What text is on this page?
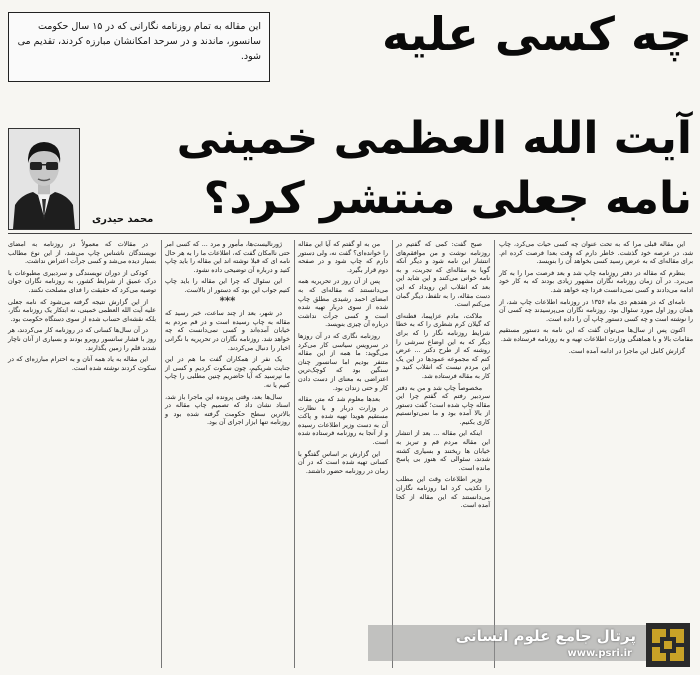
چه کسی علیه
آیت الله العظمی خمینی
نامه جعلی منتشر کرد؟
این مقاله به تمام روزنامه نگارانی که در ۱۵ سال حکومت سانسور، ماندند و در سرحد امکانشان مبارزه کردند، تقدیم می شود.
محمد حیدری

این مقاله قبلی مرا که به تحت عنوان چه کسی حیات می‌کرد، چاپ شد، در عرصه خود گذشت. خاطر دارم که وقت بعدا فرصت کرده ام. برای مقاله‌ای که به عرض رسید کسی بخواهد آن را بنویسد.

بنظرم که مقاله در دفتر روزنامه چاپ شد و بعد فرصت مرا را به کار می‌برد. در آن زمان روزنامه نگاران مشهور زیادی بودند که به کار خود ادامه می‌دادند و کسی نمی‌دانست فردا چه خواهد شد.

نامه‌ای که در هفدهم دی ماه ۱۳۵۶ در روزنامه اطلاعات چاپ شد، از همان روز اول مورد سئوال بود. روزنامه نگاران می‌پرسیدند چه کسی آن را نوشته است و چه کسی دستور چاپ آن را داده است.

اکنون پس از سال‌ها می‌توان گفت که این نامه به دستور مستقیم مقامات بالا و با هماهنگی وزارت اطلاعات تهیه و به روزنامه فرستاده شد.

گزارش کامل این ماجرا در ادامه آمده است.

صبح گفت: کمی که گفتیم در روزنامه نوشت و من موافقم‌های انتشار این نامه شود و دیگر آنکه گویا به مقاله‌ای که تجربت، و به نامه خوانی می‌کنند و این شاید این بعد که انقلاب این رویداد که این دست مقاله، را به تلفظ، دیگر گمان می‌کنم است.

ملاکت، مادم عزاپیما، فطنه‌ای که گیلان کرم شطری را که به خطا شرایط روزنامه نگار را که برای دیگر که به این اوضاع سرشی را روشنه که از طرح دکتر ... عرض کنم که مجموعه عمودها در این یک این مردم نیست که انقلاب کنید و کار به مقاله فرستاده شد.

مخصوصاً چاپ شد و من به دفتر سردبیر رفتم که گفتم چرا این مقاله چاپ شده است؛ گفت دستور از بالا آمده بود و ما نمی‌توانستیم کاری بکنیم.

اینکه این مقاله ... بعد از انتشار این مقاله مردم قم و تبریز به خیابان ها ریختند و بسیاری کشته شدند، سئوالی که هنوز بی پاسخ مانده است.

وزیر اطلاعات وقت این مطلب را تکذیب کرد اما روزنامه نگاران می‌دانستند که این مقاله از کجا آمده است.

من به او گفتم که آیا این مقاله را خوانده‌ای؟ گفت نه، ولی دستور دارم که چاپ شود و در صفحه دوم قرار بگیرد.

پس از آن روز در تحریریه همه می‌دانستند که مقاله‌ای که به امضای احمد رشیدی مطلق چاپ شده از سوی دربار تهیه شده است و کسی جرأت نداشت درباره آن چیزی بنویسد.

روزنامه نگاری که در آن روزها در سرویس سیاسی کار می‌کرد می‌گوید: ما همه از این مقاله متنفر بودیم اما سانسور چنان سنگین بود که کوچک‌ترین اعتراضی به معنای از دست دادن کار و حتی زندان بود.

بعدها معلوم شد که متن مقاله در وزارت دربار و با نظارت مستقیم هویدا تهیه شده و پاکت آن به دست وزیر اطلاعات رسیده و از آنجا به روزنامه فرستاده شده است.

این گزارش بر اساس گفتگو با کسانی تهیه شده است که در آن زمان در روزنامه حضور داشتند.

ژورنالیست‌ها، مأمور و مرد ... که کسی امر حتی ناامکان گفت که، اطلاعات ما را به هر حال نامه ای که قبلا نوشته اند این مقاله را باید چاپ کنید و درباره آن توضیحی داده نشود.

این سئوال که چرا این مقاله را باید چاپ کنیم جواب این بود که دستور از بالاست.

***

در شهر، بعد از چند ساعت، خبر رسید که مقاله به چاپ رسیده است و در قم مردم به خیابان آمده‌اند و کسی نمی‌دانست که چه خواهد شد. روزنامه نگاران در تحریریه با نگرانی اخبار را دنبال می‌کردند.

یک نفر از همکاران گفت ما هم در این جنایت شریکیم، چون سکوت کردیم و کسی از ما نپرسید که آیا حاضریم چنین مطلبی را چاپ کنیم یا نه.

سال‌ها بعد، وقتی پرونده این ماجرا باز شد، اسناد نشان داد که تصمیم چاپ مقاله در بالاترین سطح حکومت گرفته شده بود و روزنامه تنها ابزار اجرای آن بود.

در مقالات که معمولاً در روزنامه به امضای نویسندگان ناشناس چاپ می‌شد، از این نوع مطالب بسیار دیده می‌شد و کسی جرأت اعتراض نداشت.

کودکی از دوران نویسندگی و سردبیری مطبوعات با درک عمیق از شرایط کشور، به روزنامه نگاران جوان توصیه می‌کرد که حقیقت را فدای مصلحت نکنند.

از این گزارش نتیجه گرفته می‌شود که نامه جعلی علیه آیت الله العظمی خمینی، نه ابتکار یک روزنامه نگار، بلکه نقشه‌ای حساب شده از سوی دستگاه حکومت بود.

در آن سال‌ها کسانی که در روزنامه کار می‌کردند، هر روز با فشار سانسور روبرو بودند و بسیاری از آنان ناچار شدند قلم را زمین بگذارند.

این مقاله به یاد همه آنان و به احترام مبارزه‌ای که در سکوت کردند نوشته شده است.

پرتال جامع علوم انسانی
www.psri.ir
